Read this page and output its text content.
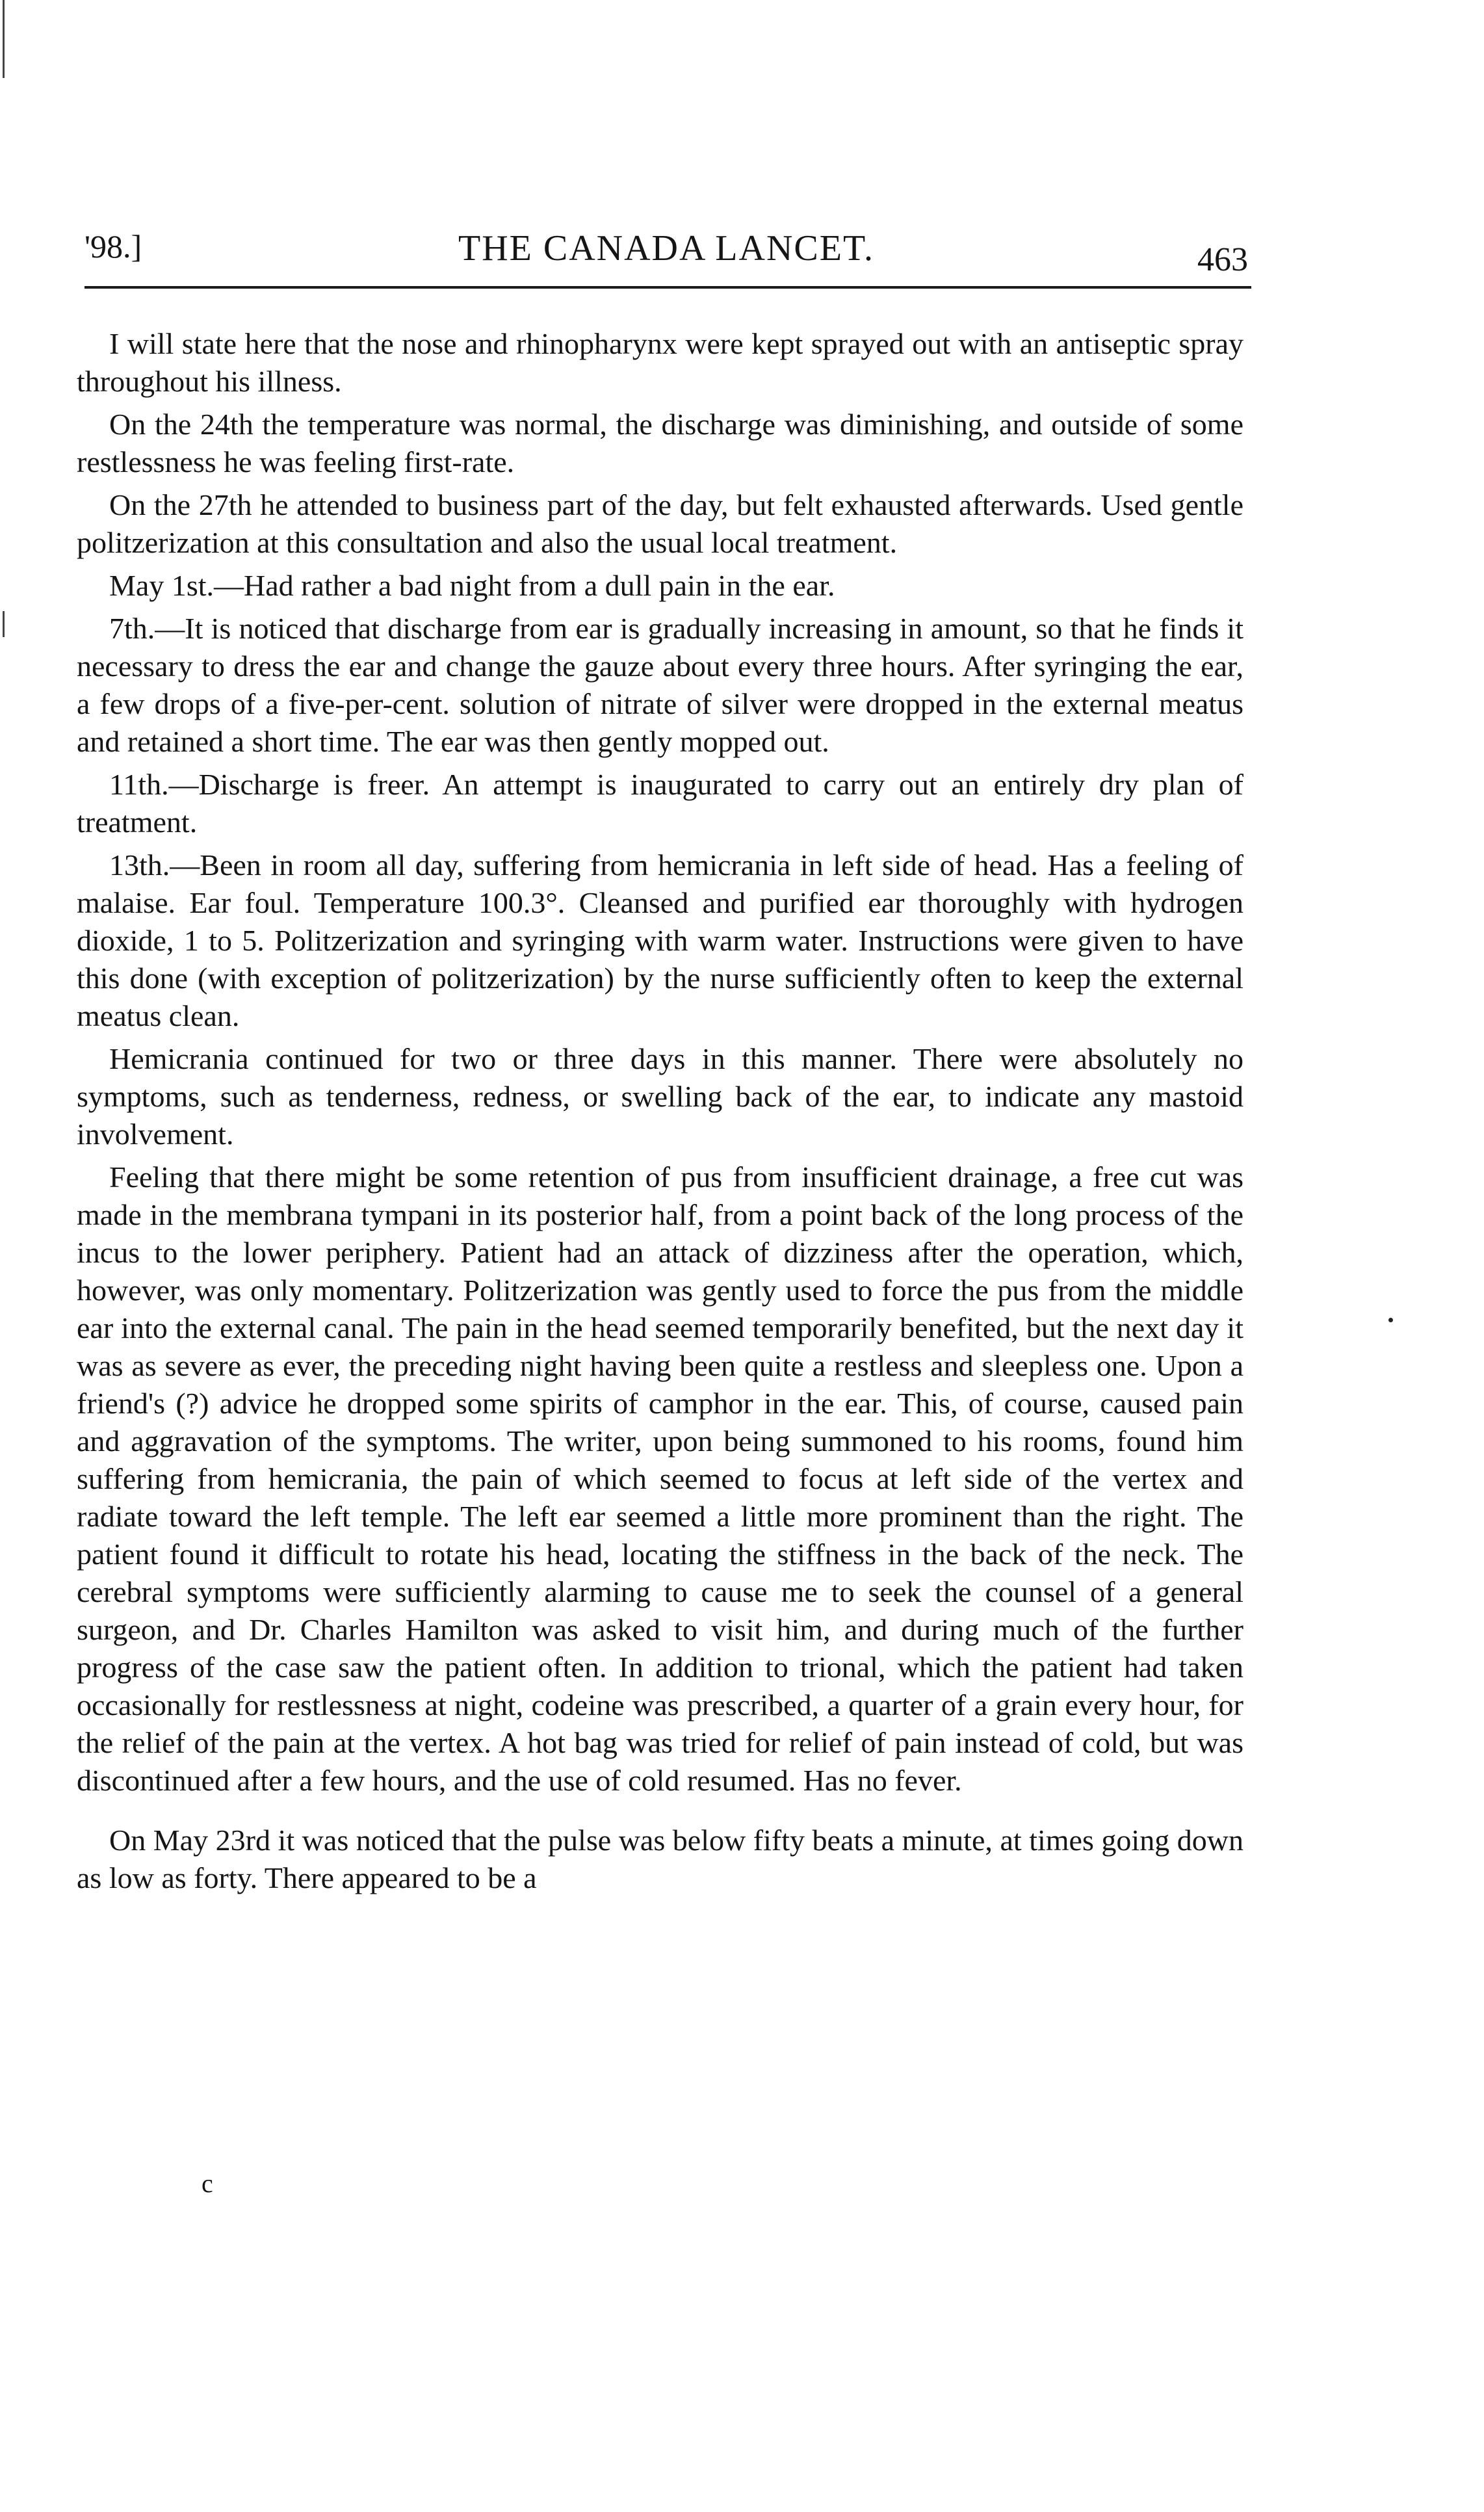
'98.]	THE CANADA LANCET.	463

I will state here that the nose and rhinopharynx were kept sprayed out with an antiseptic spray throughout his illness.

On the 24th the temperature was normal, the discharge was diminishing, and outside of some restlessness he was feeling first-rate.

On the 27th he attended to business part of the day, but felt exhausted afterwards. Used gentle politzerization at this consultation and also the usual local treatment.

May 1st.—Had rather a bad night from a dull pain in the ear.

7th.—It is noticed that discharge from ear is gradually increasing in amount, so that he finds it necessary to dress the ear and change the gauze about every three hours. After syringing the ear, a few drops of a five-per-cent. solution of nitrate of silver were dropped in the external meatus and retained a short time. The ear was then gently mopped out.

11th.—Discharge is freer. An attempt is inaugurated to carry out an entirely dry plan of treatment.

13th.—Been in room all day, suffering from hemicrania in left side of head. Has a feeling of malaise. Ear foul. Temperature 100.3°. Cleansed and purified ear thoroughly with hydrogen dioxide, 1 to 5. Politzerization and syringing with warm water. Instructions were given to have this done (with exception of politzerization) by the nurse sufficiently often to keep the external meatus clean.

Hemicrania continued for two or three days in this manner. There were absolutely no symptoms, such as tenderness, redness, or swelling back of the ear, to indicate any mastoid involvement.

Feeling that there might be some retention of pus from insufficient drainage, a free cut was made in the membrana tympani in its posterior half, from a point back of the long process of the incus to the lower periphery. Patient had an attack of dizziness after the operation, which, however, was only momentary. Politzerization was gently used to force the pus from the middle ear into the external canal. The pain in the head seemed temporarily benefited, but the next day it was as severe as ever, the preceding night having been quite a restless and sleepless one. Upon a friend's (?) advice he dropped some spirits of camphor in the ear. This, of course, caused pain and aggravation of the symptoms. The writer, upon being summoned to his rooms, found him suffering from hemicrania, the pain of which seemed to focus at left side of the vertex and radiate toward the left temple. The left ear seemed a little more prominent than the right. The patient found it difficult to rotate his head, locating the stiffness in the back of the neck. The cerebral symptoms were sufficiently alarming to cause me to seek the counsel of a general surgeon, and Dr. Charles Hamilton was asked to visit him, and during much of the further progress of the case saw the patient often. In addition to trional, which the patient had taken occasionally for restlessness at night, codeine was prescribed, a quarter of a grain every hour, for the relief of the pain at the vertex. A hot bag was tried for relief of pain instead of cold, but was discontinued after a few hours, and the use of cold resumed. Has no fever.

On May 23rd it was noticed that the pulse was below fifty beats a minute, at times going down as low as forty. There appeared to be a

c
